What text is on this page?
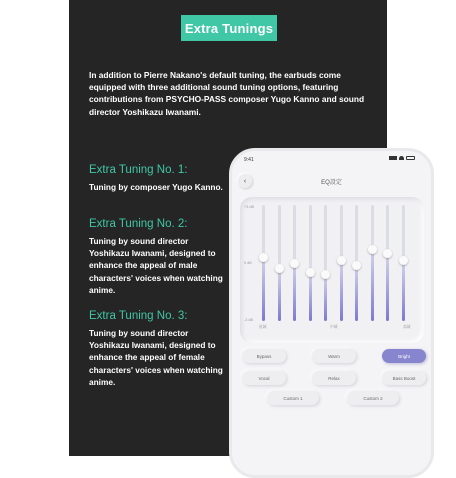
Extra Tunings
In addition to Pierre Nakano's default tuning, the earbuds come equipped with three additional sound tuning options, featuring contributions from PSYCHO-PASS composer Yugo Kanno and sound director Yoshikazu Iwanami.
Extra Tuning No. 1:
Tuning by composer Yugo Kanno.
Extra Tuning No. 2:
Tuning by sound director Yoshikazu Iwanami, designed to enhance the appeal of male characters' voices when watching anime.
Extra Tuning No. 3:
Tuning by sound director Yoshikazu Iwanami, designed to enhance the appeal of female characters' voices when watching anime.
9:41
EQ設定
‹
+3 dB
0 dB
-3 dB
低域	中域	高域
Bypass	Warm	Bright
Vocal	Relax	Bass Boost
Custom 1	Custom 2
